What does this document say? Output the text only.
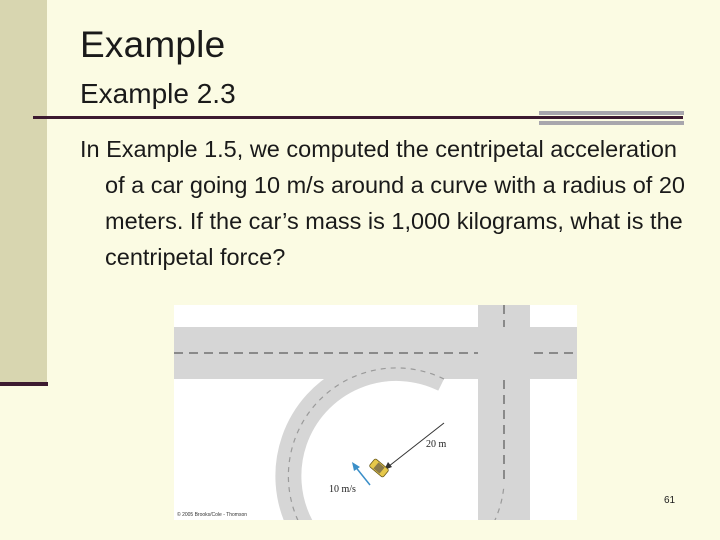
Example
Example 2.3
In Example 1.5, we computed the centripetal acceleration of a car going 10 m/s around a curve with a radius of 20 meters. If the car’s mass is 1,000 kilograms, what is the centripetal force?
20 m
10 m/s
© 2005 Brooks/Cole - Thomson
61
